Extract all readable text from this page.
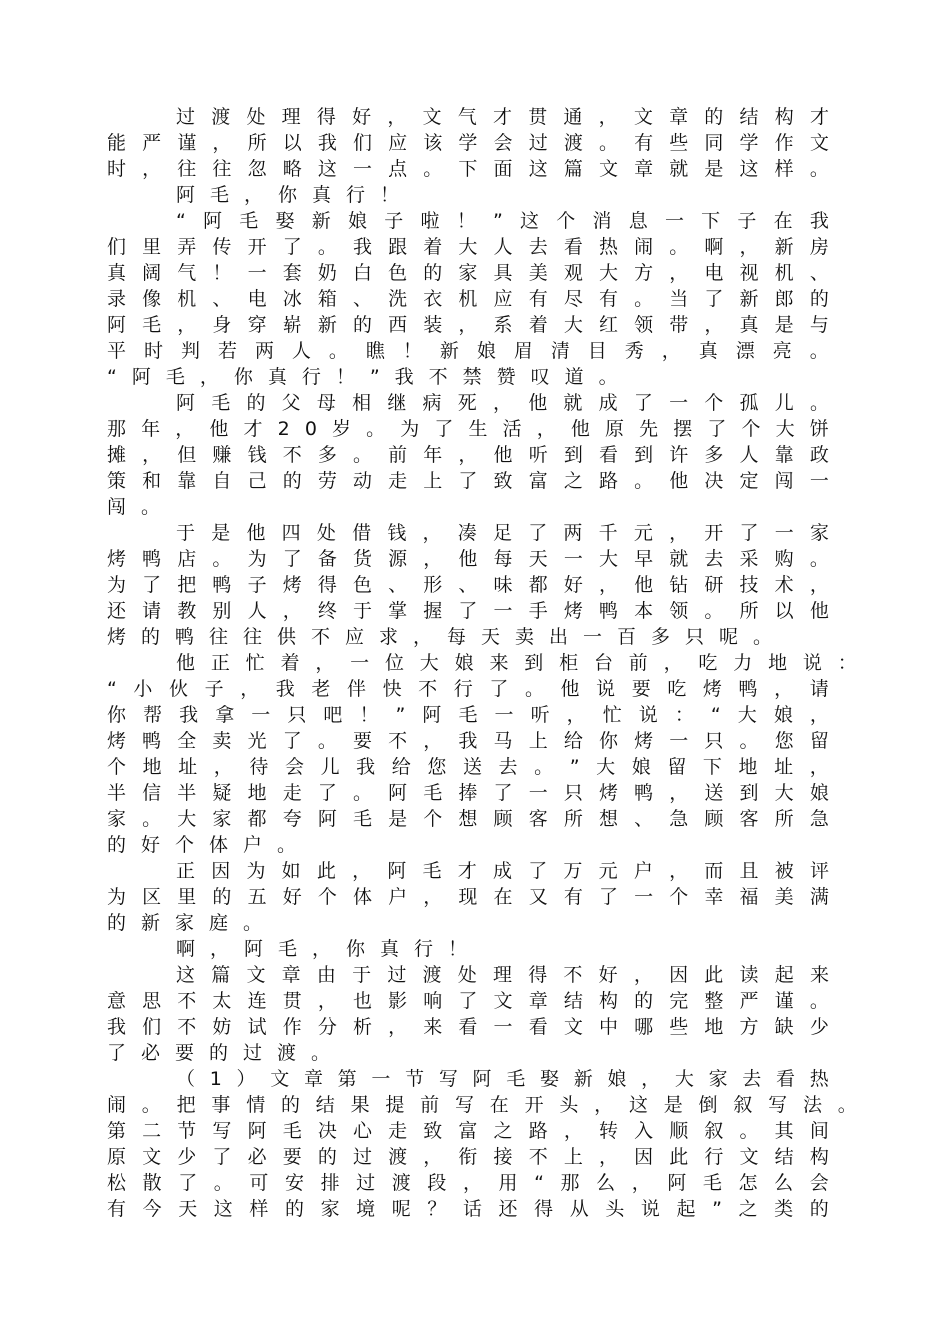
过 渡 处 理 得 好 ， 文 气 才 贯 通 ， 文 章 的 结 构 才
能 严 谨 ， 所 以 我 们 应 该 学 会 过 渡 。 有 些 同 学 作 文
时 ， 往 往 忽 略 这 一 点 。 下 面 这 篇 文 章 就 是 这 样 。
阿毛，你真行！
“ 阿 毛 娶 新 娘 子 啦 ！ ” 这 个 消 息 一 下 子 在 我
们 里 弄 传 开 了 。 我 跟 着 大 人 去 看 热 闹 。 啊 ， 新 房
真 阔 气 ！ 一 套 奶 白 色 的 家 具 美 观 大 方 ， 电 视 机 、
录 像 机 、 电 冰 箱 、 洗 衣 机 应 有 尽 有 。 当 了 新 郎 的
阿 毛 ， 身 穿 崭 新 的 西 装 ， 系 着 大 红 领 带 ， 真 是 与
平 时 判 若 两 人 。 瞧 ！ 新 娘 眉 清 目 秀 ， 真 漂 亮 。
“阿毛，你真行！”我不禁赞叹道。
阿 毛 的 父 母 相 继 病 死 ， 他 就 成 了 一 个 孤 儿 。
那 年 ， 他 才 2 0 岁 。 为 了 生 活 ， 他 原 先 摆 了 个 大 饼
摊 ， 但 赚 钱 不 多 。 前 年 ， 他 听 到 看 到 许 多 人 靠 政
策 和 靠 自 己 的 劳 动 走 上 了 致 富 之 路 。 他 决 定 闯 一
闯。
于 是 他 四 处 借 钱 ， 凑 足 了 两 千 元 ， 开 了 一 家
烤 鸭 店 。 为 了 备 货 源 ， 他 每 天 一 大 早 就 去 采 购 。
为 了 把 鸭 子 烤 得 色 、 形 、 味 都 好 ， 他 钻 研 技 术 ，
还 请 教 别 人 ， 终 于 掌 握 了 一 手 烤 鸭 本 领 。 所 以 他
烤的鸭往往供不应求，每天卖出一百多只呢。
他 正 忙 着 ， 一 位 大 娘 来 到 柜 台 前 ， 吃 力 地 说 ：
“ 小 伙 子 ， 我 老 伴 快 不 行 了 。 他 说 要 吃 烤 鸭 ， 请
你 帮 我 拿 一 只 吧 ！ ” 阿 毛 一 听 ， 忙 说 ： “ 大 娘 ，
烤 鸭 全 卖 光 了 。 要 不 ， 我 马 上 给 你 烤 一 只 。 您 留
个 地 址 ， 待 会 儿 我 给 您 送 去 。 ” 大 娘 留 下 地 址 ，
半 信 半 疑 地 走 了 。 阿 毛 捧 了 一 只 烤 鸭 ， 送 到 大 娘
家 。 大 家 都 夸 阿 毛 是 个 想 顾 客 所 想 、 急 顾 客 所 急
的好个体户。
正 因 为 如 此 ， 阿 毛 才 成 了 万 元 户 ， 而 且 被 评
为 区 里 的 五 好 个 体 户 ， 现 在 又 有 了 一 个 幸 福 美 满
的新家庭。
啊，阿毛，你真行！
这 篇 文 章 由 于 过 渡 处 理 得 不 好 ， 因 此 读 起 来
意 思 不 太 连 贯 ， 也 影 响 了 文 章 结 构 的 完 整 严 谨 。
我 们 不 妨 试 作 分 析 ， 来 看 一 看 文 中 哪 些 地 方 缺 少
了必要的过渡。
（ 1 ） 文 章 第 一 节 写 阿 毛 娶 新 娘 ， 大 家 去 看 热
闹 。 把 事 情 的 结 果 提 前 写 在 开 头 ， 这 是 倒 叙 写 法 。
第 二 节 写 阿 毛 决 心 走 致 富 之 路 ， 转 入 顺 叙 。 其 间
原 文 少 了 必 要 的 过 渡 ， 衔 接 不 上 ， 因 此 行 文 结 构
松 散 了 。 可 安 排 过 渡 段 ， 用 “ 那 么 ， 阿 毛 怎 么 会
有 今 天 这 样 的 家 境 呢 ？ 话 还 得 从 头 说 起 ” 之 类 的
